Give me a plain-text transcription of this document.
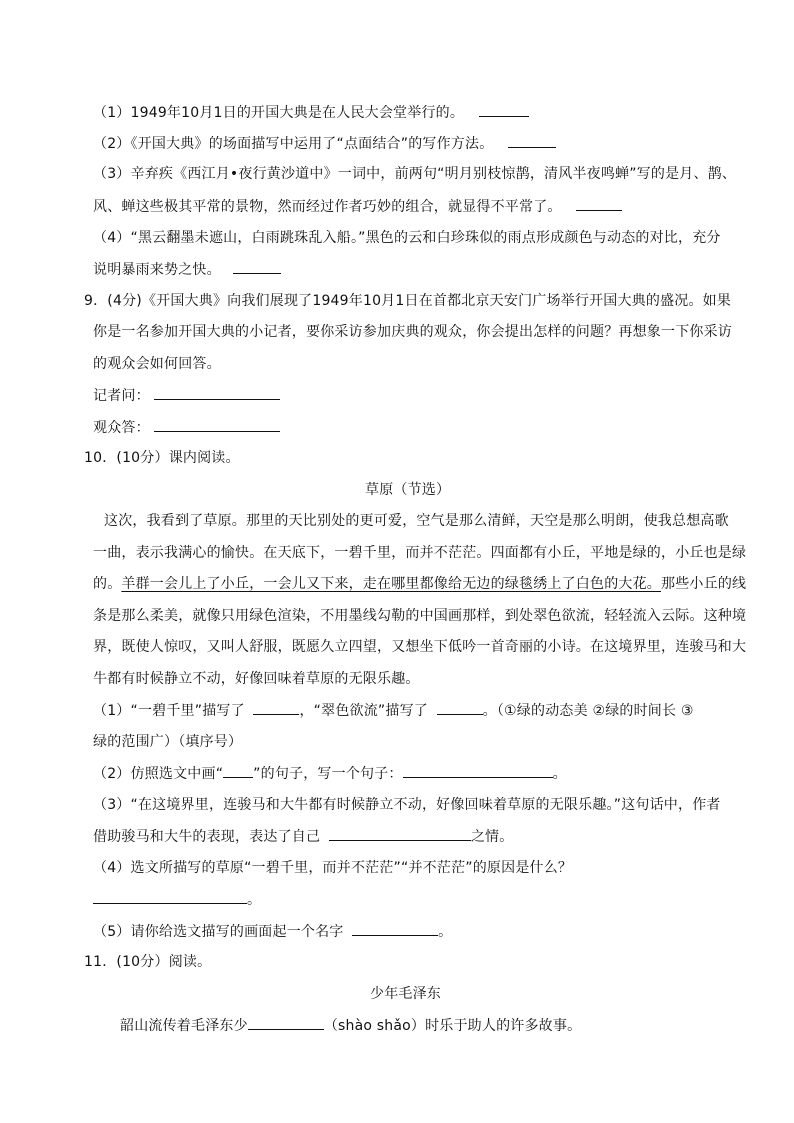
（1）1949年10月1日的开国大典是在人民大会堂举行的。
（2）《开国大典》的场面描写中运用了“点面结合”的写作方法。
（3）辛弃疾《西江月•夜行黄沙道中》一词中，前两句“明月别枝惊鹊，清风半夜鸣蝉”写的是月、鹊、
风、蝉这些极其平常的景物，然而经过作者巧妙的组合，就显得不平常了。
（4）“黑云翻墨未遮山，白雨跳珠乱入船。”黑色的云和白珍珠似的雨点形成颜色与动态的对比，充分
说明暴雨来势之快。
9．(4分)《开国大典》向我们展现了1949年10月1日在首都北京天安门广场举行开国大典的盛况。如果
你是一名参加开国大典的小记者，要你采访参加庆典的观众，你会提出怎样的问题？再想象一下你采访
的观众会如何回答。
记者问：
观众答：
10．(10分）课内阅读。
草原（节选）
这次，我看到了草原。那里的天比别处的更可爱，空气是那么清鲜，天空是那么明朗，使我总想高歌
一曲，表示我满心的愉快。在天底下，一碧千里，而并不茫茫。四面都有小丘，平地是绿的，小丘也是绿
的。羊群一会儿上了小丘，一会儿又下来，走在哪里都像给无边的绿毯绣上了白色的大花。那些小丘的线
条是那么柔美，就像只用绿色渲染，不用墨线勾勒的中国画那样，到处翠色欲流，轻轻流入云际。这种境
界，既使人惊叹，又叫人舒服，既愿久立四望，又想坐下低吟一首奇丽的小诗。在这境界里，连骏马和大
牛都有时候静立不动，好像回味着草原的无限乐趣。
（1）“一碧千里”描写了	，“翠色欲流”描写了	。（①绿的动态美 ②绿的时间长 ③
绿的范围广）（填序号）
（2）仿照选文中画“ ”的句子，写一个句子：	。
（3）“在这境界里，连骏马和大牛都有时候静立不动，好像回味着草原的无限乐趣。”这句话中，作者
借助骏马和大牛的表现，表达了自己	之情。
（4）选文所描写的草原“一碧千里，而并不茫茫”“并不茫茫”的原因是什么？
。
（5）请你给选文描写的画面起一个名字	。
11．(10分）阅读。
少年毛泽东
韶山流传着毛泽东少	（shào shǎo）时乐于助人的许多故事。
